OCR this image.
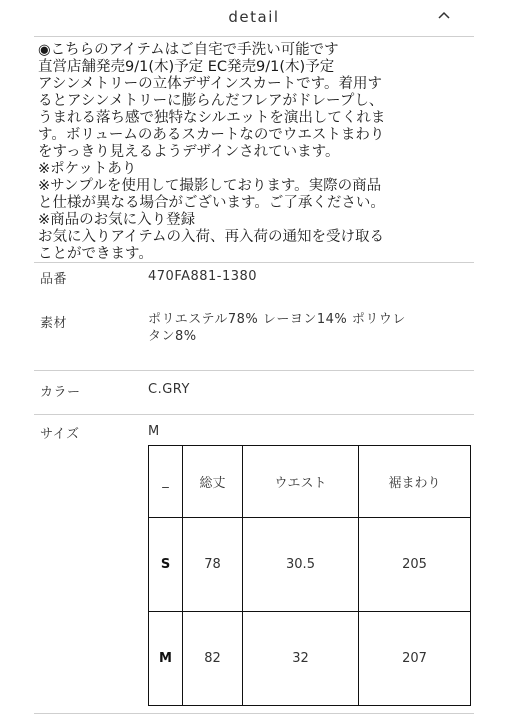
detail
◉こちらのアイテムはご自宅で手洗い可能です
直営店舗発売9/1(木)予定 EC発売9/1(木)予定
アシンメトリーの立体デザインスカートです。着用す
るとアシンメトリーに膨らんだフレアがドレープし、
うまれる落ち感で独特なシルエットを演出してくれま
す。ボリュームのあるスカートなのでウエストまわり
をすっきり見えるようデザインされています。
※ポケットあり
※サンプルを使用して撮影しております。実際の商品
と仕様が異なる場合がございます。ご了承ください。
※商品のお気に入り登録
お気に入りアイテムの入荷、再入荷の通知を受け取る
ことができます。
品番	470FA881-1380
素材	ポリエステル78% レーヨン14% ポリウレ
タン8%
カラー	C.GRY
サイズ	M
_	総丈	ウエスト	裾まわり
S	78	30.5	205
M	82	32	207
